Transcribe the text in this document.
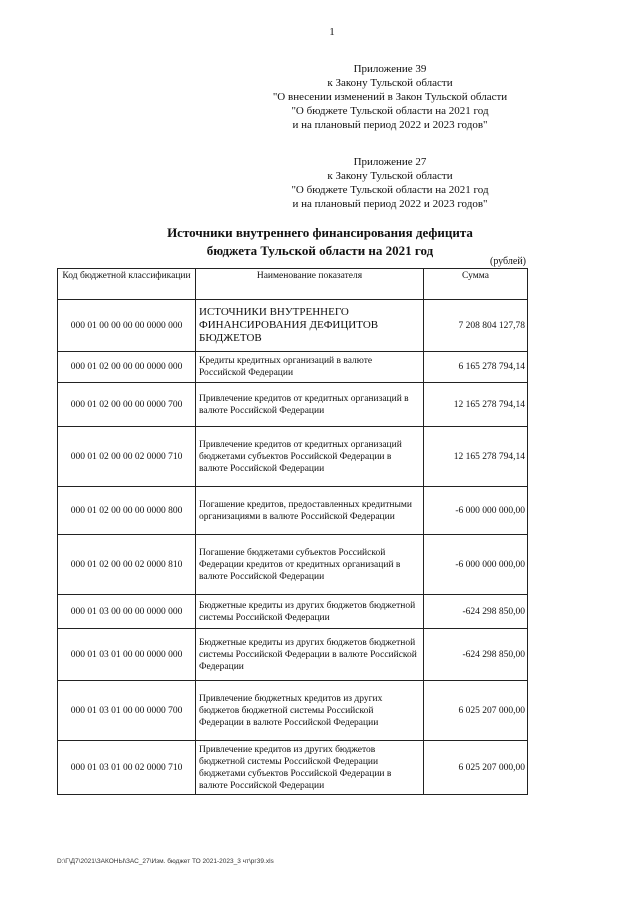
1
Приложение 39
к Закону Тульской области
"О внесении изменений в Закон Тульской области
"О бюджете Тульской области на 2021 год
и на плановый период 2022 и 2023 годов"
Приложение 27
к Закону Тульской области
"О бюджете Тульской области на 2021 год
и на плановый период 2022 и 2023 годов"
Источники внутреннего финансирования дефицита
бюджета Тульской области на 2021 год
(рублей)
Код бюджетной классификации	Наименование показателя	Сумма
000 01 00 00 00 00 0000 000	ИСТОЧНИКИ ВНУТРЕННЕГО ФИНАНСИРОВАНИЯ ДЕФИЦИТОВ БЮДЖЕТОВ	7 208 804 127,78
000 01 02 00 00 00 0000 000	Кредиты кредитных организаций в валюте Российской Федерации	6 165 278 794,14
000 01 02 00 00 00 0000 700	Привлечение кредитов от кредитных организаций в валюте Российской Федерации	12 165 278 794,14
000 01 02 00 00 02 0000 710	Привлечение кредитов от кредитных организаций бюджетами субъектов Российской Федерации в валюте Российской Федерации	12 165 278 794,14
000 01 02 00 00 00 0000 800	Погашение кредитов, предоставленных кредитными организациями в валюте Российской Федерации	-6 000 000 000,00
000 01 02 00 00 02 0000 810	Погашение бюджетами субъектов Российской Федерации кредитов от кредитных организаций в валюте Российской Федерации	-6 000 000 000,00
000 01 03 00 00 00 0000 000	Бюджетные кредиты из других бюджетов бюджетной системы Российской Федерации	-624 298 850,00
000 01 03 01 00 00 0000 000	Бюджетные кредиты из других бюджетов бюджетной системы Российской Федерации в валюте Российской Федерации	-624 298 850,00
000 01 03 01 00 00 0000 700	Привлечение бюджетных кредитов из других бюджетов бюджетной системы Российской Федерации в валюте Российской Федерации	6 025 207 000,00
000 01 03 01 00 02 0000 710	Привлечение кредитов из других бюджетов бюджетной системы Российской Федерации бюджетами субъектов Российской Федерации в валюте Российской Федерации	6 025 207 000,00
D:\Г\Д7\2021\ЗАКОНЫ\ЗАС_27\Изм. бюджет ТО 2021-2023_3 чт\рг39.xls
